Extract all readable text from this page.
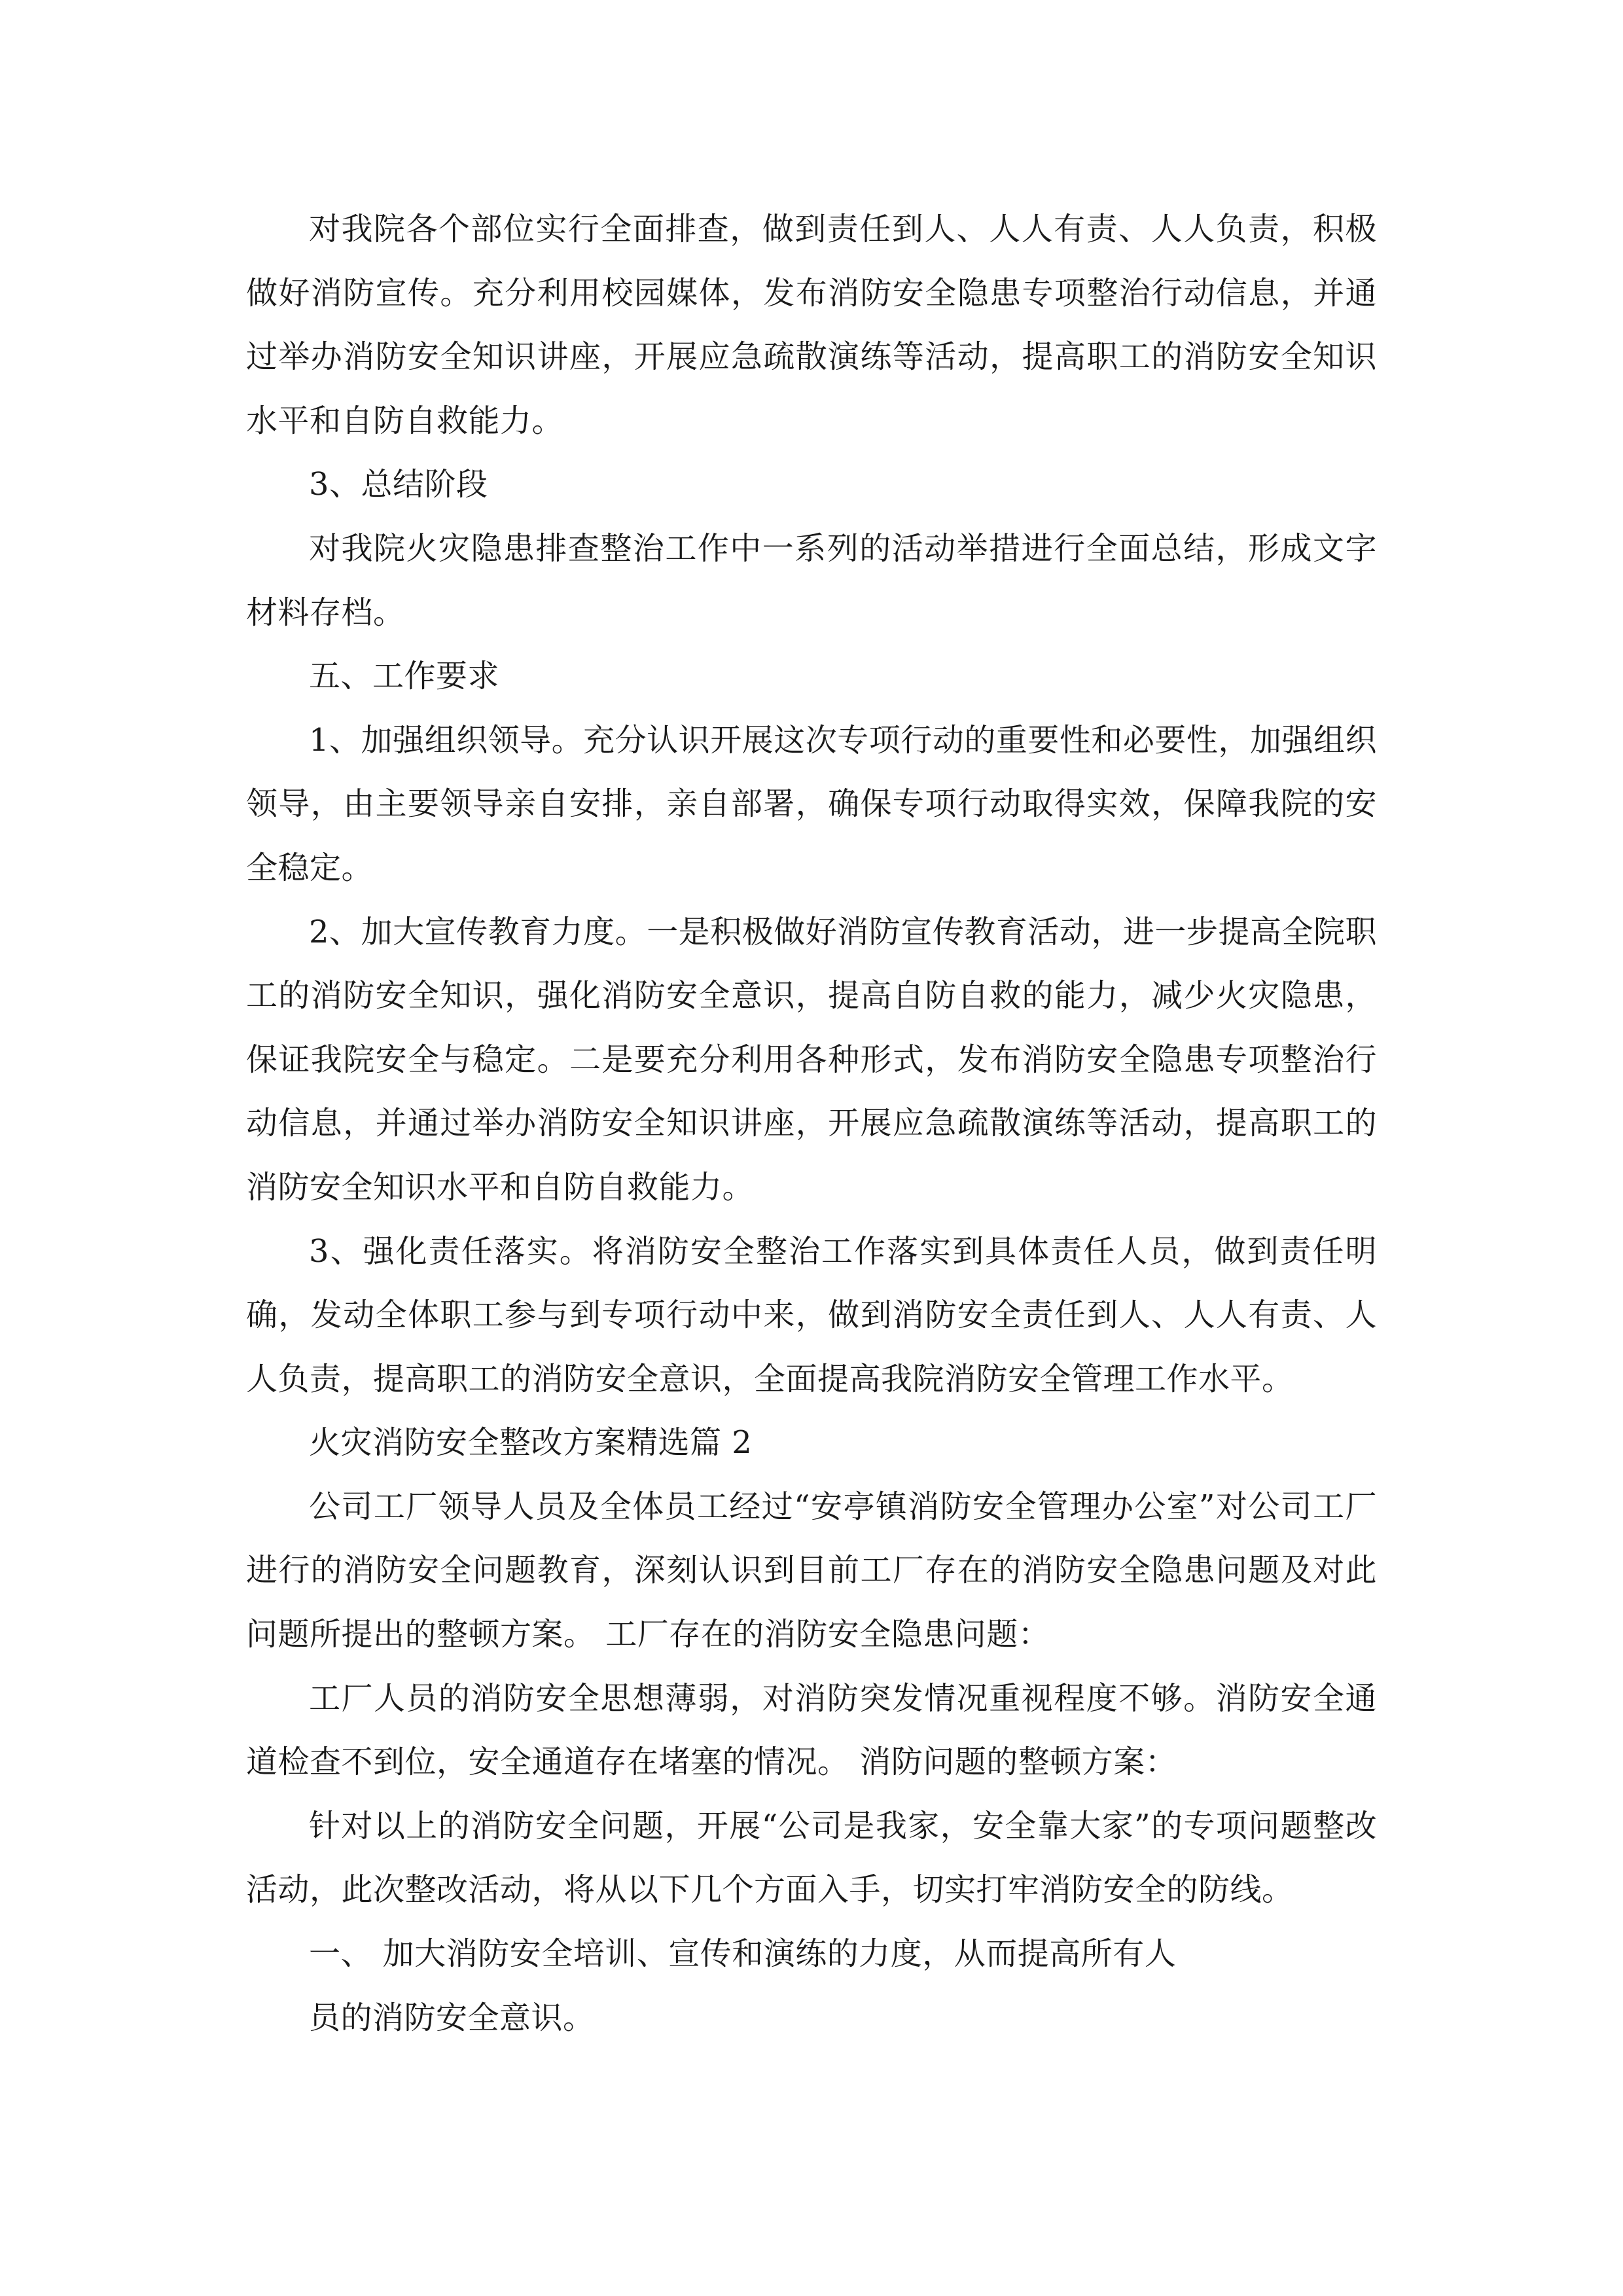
对我院各个部位实行全面排查，做到责任到人、人人有责、人人负责，积极做好消防宣传。充分利用校园媒体，发布消防安全隐患专项整治行动信息，并通过举办消防安全知识讲座，开展应急疏散演练等活动，提高职工的消防安全知识水平和自防自救能力。

3、总结阶段

对我院火灾隐患排查整治工作中一系列的活动举措进行全面总结，形成文字材料存档。

五、工作要求

1、加强组织领导。充分认识开展这次专项行动的重要性和必要性，加强组织领导，由主要领导亲自安排，亲自部署，确保专项行动取得实效，保障我院的安全稳定。

2、加大宣传教育力度。一是积极做好消防宣传教育活动，进一步提高全院职工的消防安全知识，强化消防安全意识，提高自防自救的能力，减少火灾隐患，保证我院安全与稳定。二是要充分利用各种形式，发布消防安全隐患专项整治行动信息，并通过举办消防安全知识讲座，开展应急疏散演练等活动，提高职工的消防安全知识水平和自防自救能力。

3、强化责任落实。将消防安全整治工作落实到具体责任人员，做到责任明确，发动全体职工参与到专项行动中来，做到消防安全责任到人、人人有责、人人负责，提高职工的消防安全意识，全面提高我院消防安全管理工作水平。

火灾消防安全整改方案精选篇 2

公司工厂领导人员及全体员工经过“安亭镇消防安全管理办公室”对公司工厂进行的消防安全问题教育，深刻认识到目前工厂存在的消防安全隐患问题及对此问题所提出的整顿方案。 工厂存在的消防安全隐患问题：

工厂人员的消防安全思想薄弱，对消防突发情况重视程度不够。消防安全通道检查不到位，安全通道存在堵塞的情况。 消防问题的整顿方案：

针对以上的消防安全问题，开展“公司是我家，安全靠大家”的专项问题整改活动，此次整改活动，将从以下几个方面入手，切实打牢消防安全的防线。

一、 加大消防安全培训、宣传和演练的力度，从而提高所有人

员的消防安全意识。
